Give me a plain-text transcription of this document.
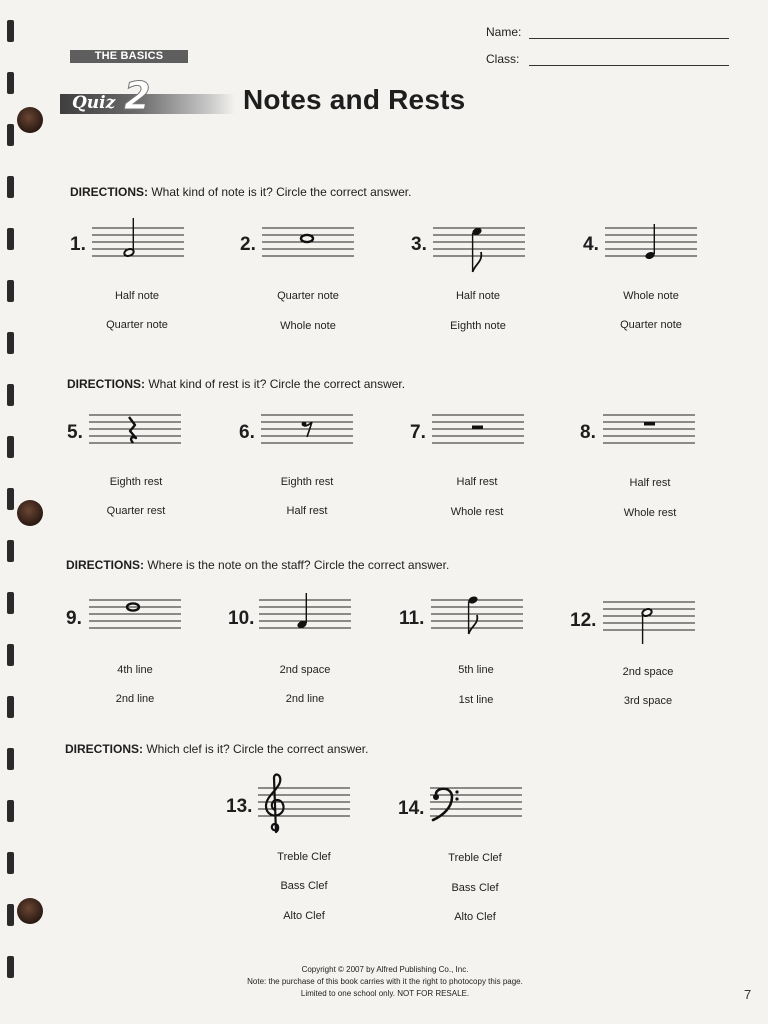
Name:
Class:
THE BASICS
2
Quiz	Notes and Rests
DIRECTIONS: What kind of note is it? Circle the correct answer.
1.
Half note
Quarter note
2.
Quarter note
Whole note
3.
Half note
Eighth note
4.
Whole note
Quarter note
DIRECTIONS: What kind of rest is it? Circle the correct answer.
5.
Eighth rest
Quarter rest
6.
Eighth rest
Half rest
7.
Half rest
Whole rest
8.
Half rest
Whole rest
DIRECTIONS: Where is the note on the staff? Circle the correct answer.
9.
4th line
2nd line
10.
2nd space
2nd line
11.
5th line
1st line
12.
2nd space
3rd space
DIRECTIONS: Which clef is it? Circle the correct answer.
13.
Treble Clef
Bass Clef
Alto Clef
14.
Treble Clef
Bass Clef
Alto Clef
Copyright © 2007 by Alfred Publishing Co., Inc.
Note: the purchase of this book carries with it the right to photocopy this page.
Limited to one school only. NOT FOR RESALE.	7
